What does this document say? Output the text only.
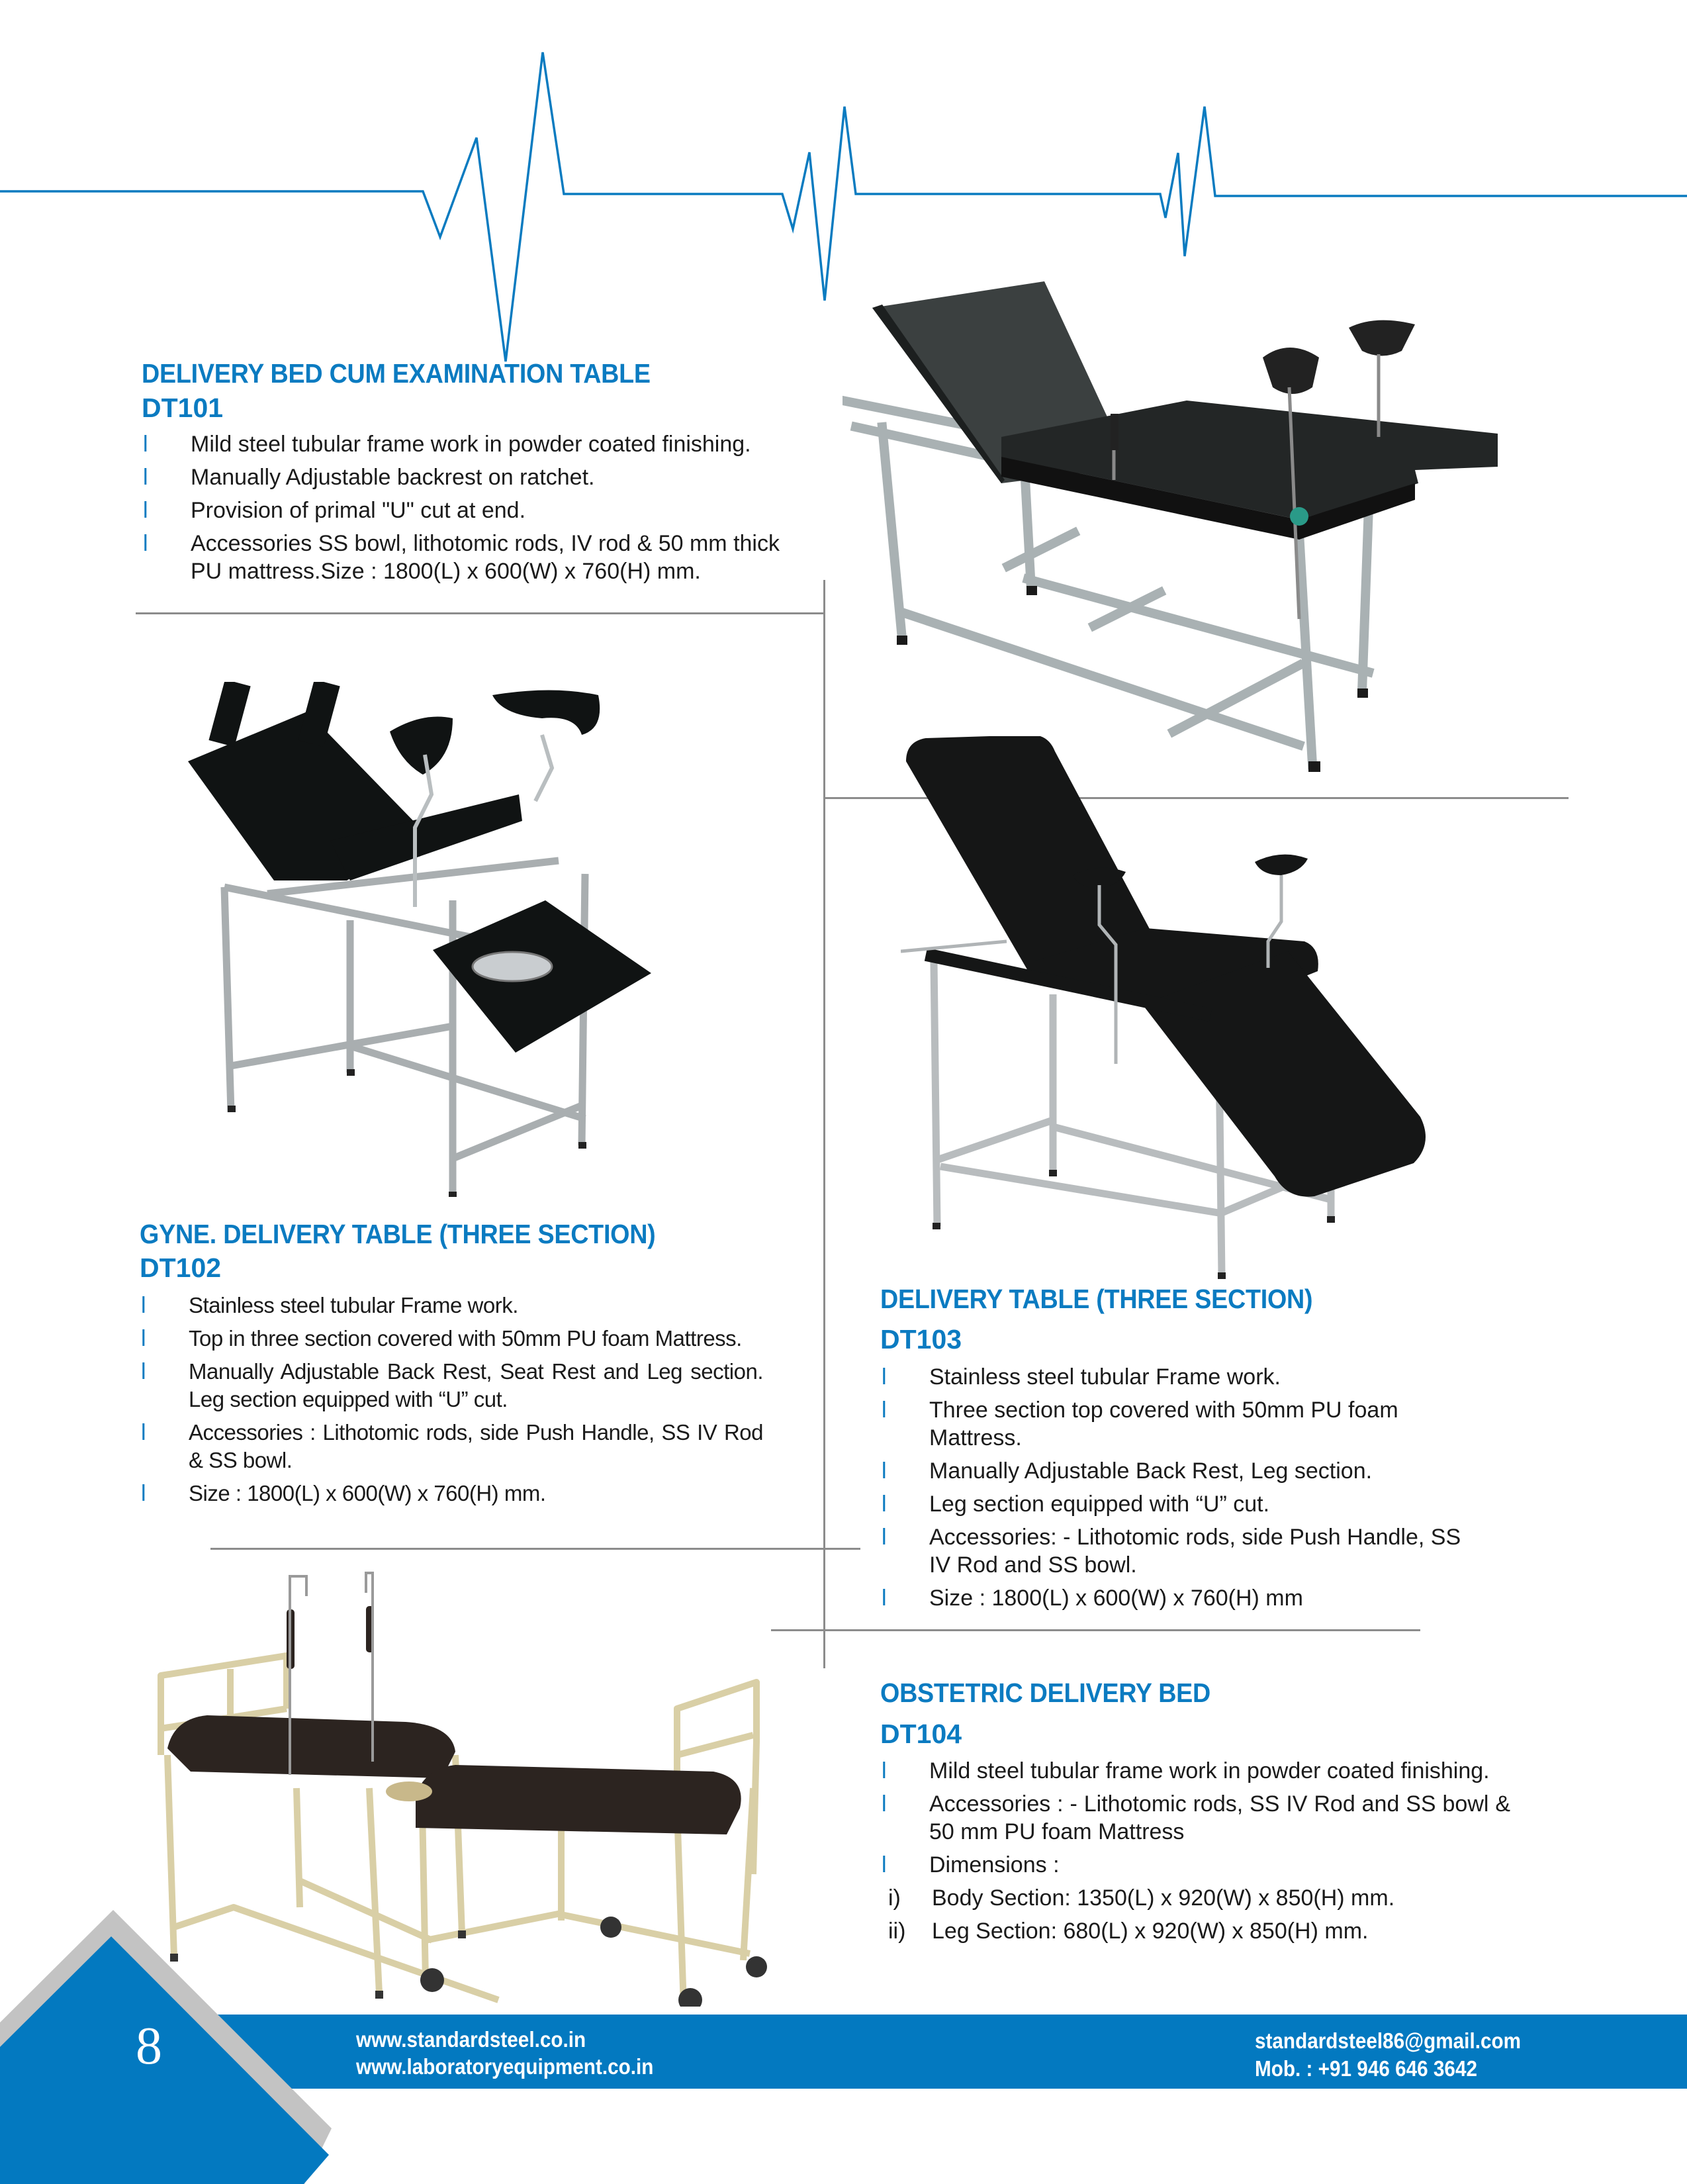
DELIVERY BED CUM EXAMINATION TABLE
DT101
l Mild steel tubular frame work in powder coated finishing.
l Manually Adjustable backrest on ratchet.
l Provision of primal "U" cut at end.
l Accessories SS bowl, lithotomic rods, IV rod & 50 mm thick PU mattress.Size : 1800(L) x 600(W) x 760(H) mm.
GYNE. DELIVERY TABLE (THREE SECTION)
DT102
l Stainless steel tubular Frame work.
l Top in three section covered with 50mm PU foam Mattress.
l Manually Adjustable Back Rest, Seat Rest and Leg section. Leg section equipped with “U” cut.
l Accessories : Lithotomic rods, side Push Handle, SS IV Rod & SS bowl.
l Size : 1800(L) x 600(W) x 760(H) mm.
DELIVERY TABLE (THREE SECTION)
DT103
l Stainless steel tubular Frame work.
l Three section top covered with 50mm PU foam Mattress.
l Manually Adjustable Back Rest, Leg section.
l Leg section equipped with “U” cut.
l Accessories: - Lithotomic rods, side Push Handle, SS IV Rod and SS bowl.
l Size : 1800(L) x 600(W) x 760(H) mm
OBSTETRIC DELIVERY BED
DT104
l Mild steel tubular frame work in powder coated finishing.
l Accessories : - Lithotomic rods, SS IV Rod and SS bowl & 50 mm PU foam Mattress
l Dimensions :
i) Body Section: 1350(L) x 920(W) x 850(H) mm.
ii) Leg Section: 680(L) x 920(W) x 850(H) mm.
8	www.standardsteel.co.in
www.laboratoryequipment.co.in
standardsteel86@gmail.com
Mob. : +91 946 646 3642
